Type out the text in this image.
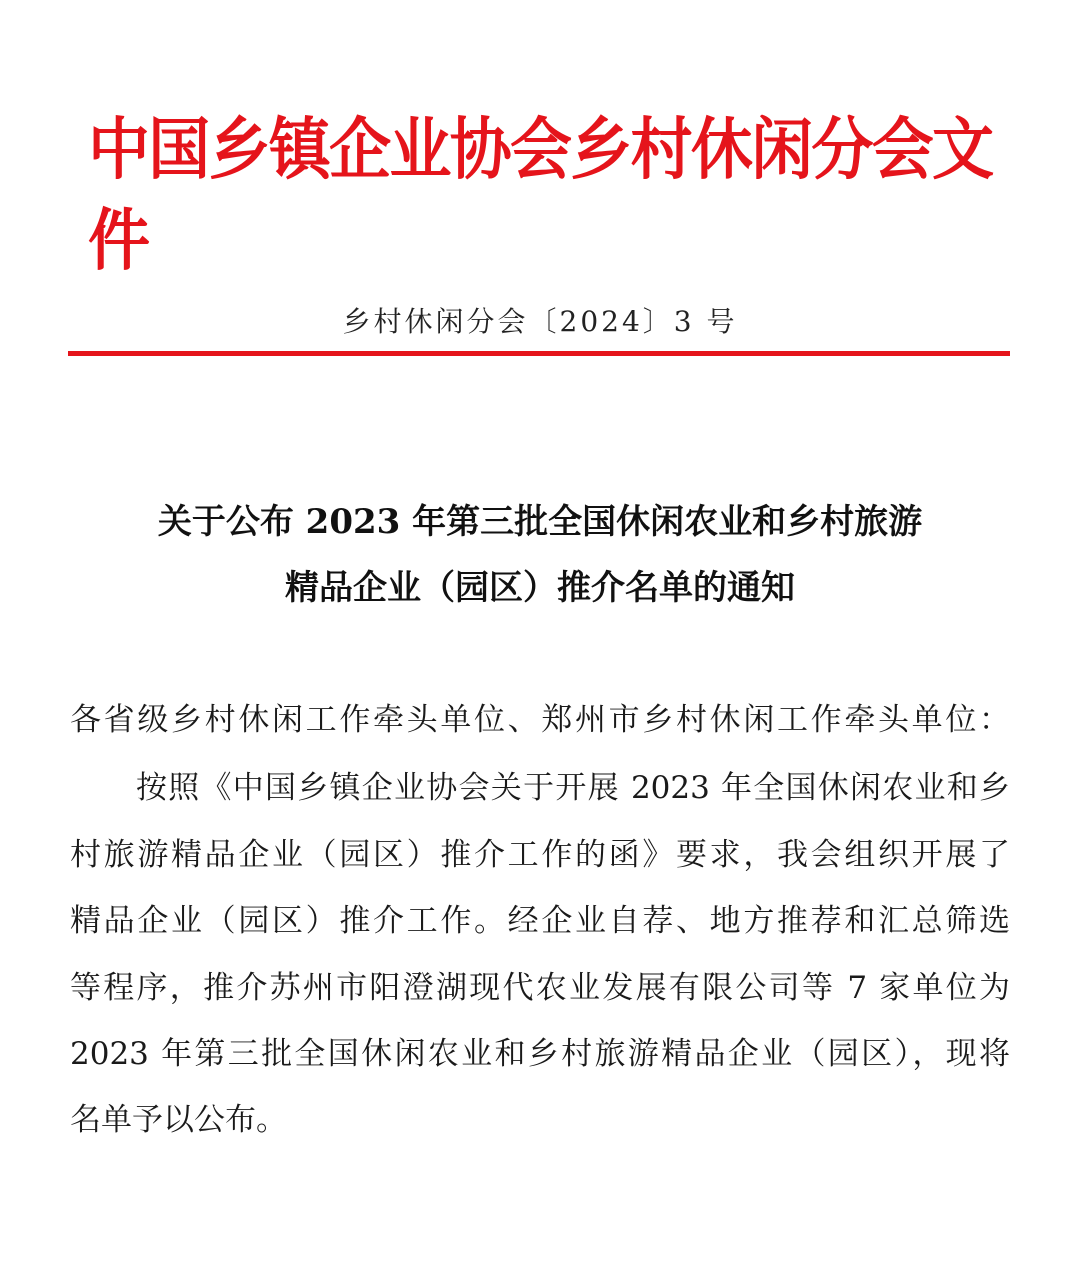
中国乡镇企业协会乡村休闲分会文件
乡村休闲分会〔2024〕3 号
关于公布 2023 年第三批全国休闲农业和乡村旅游
精品企业（园区）推介名单的通知
各省级乡村休闲工作牵头单位、郑州市乡村休闲工作牵头单位：
按照《中国乡镇企业协会关于开展 2023 年全国休闲农业和乡
村旅游精品企业（园区）推介工作的函》要求，我会组织开展了
精品企业（园区）推介工作。经企业自荐、地方推荐和汇总筛选
等程序，推介苏州市阳澄湖现代农业发展有限公司等 7 家单位为
2023 年第三批全国休闲农业和乡村旅游精品企业（园区），现将
名单予以公布。
